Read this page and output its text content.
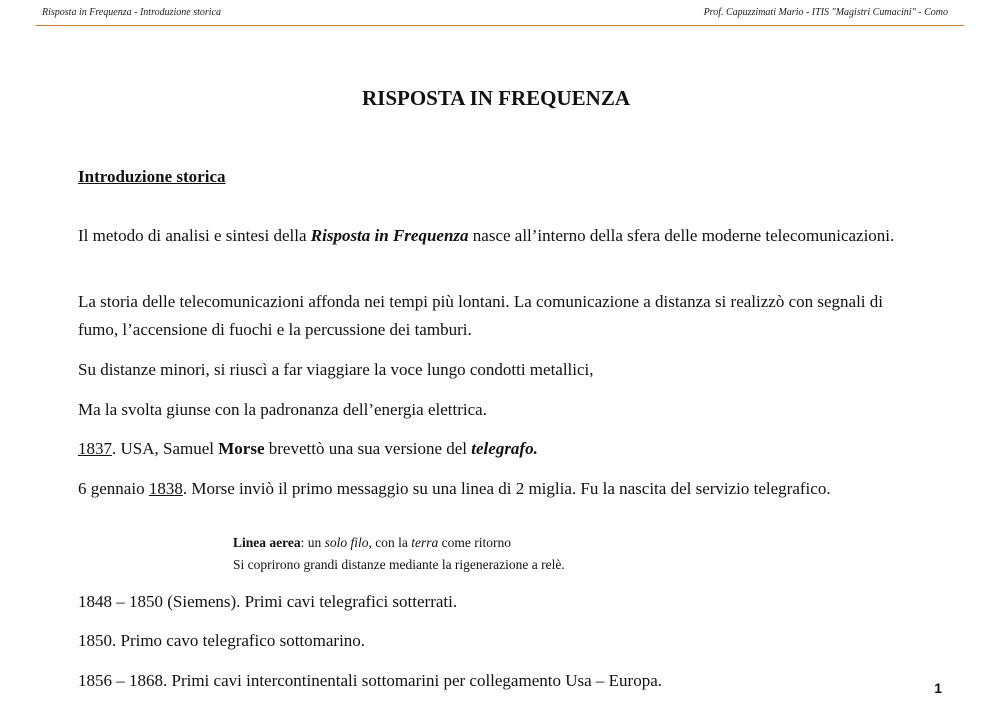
Risposta in Frequenza - Introduzione storica	Prof. Capuzzimati Mario - ITIS "Magistri Cumacini" - Como
RISPOSTA IN FREQUENZA
Introduzione storica
Il metodo di analisi e sintesi della Risposta in Frequenza nasce all’interno della sfera delle moderne telecomunicazioni.
La storia delle telecomunicazioni affonda nei tempi più lontani. La comunicazione a distanza si realizzò con segnali di fumo, l’accensione di fuochi e la percussione dei tamburi.
Su distanze minori, si riuscì a far viaggiare la voce lungo condotti metallici,
Ma la svolta giunse con la padronanza dell’energia elettrica.
1837. USA, Samuel Morse brevettò una sua versione del telegrafo.
6 gennaio 1838. Morse inviò il primo messaggio su una linea di 2 miglia. Fu la nascita del servizio telegrafico.
Linea aerea: un solo filo, con la terra come ritorno
Si coprirono grandi distanze mediante la rigenerazione a relè.
1848 – 1850 (Siemens). Primi cavi telegrafici sotterrati.
1850. Primo cavo telegrafico sottomarino.
1856 – 1868. Primi cavi intercontinentali sottomarini per collegamento Usa – Europa.	1
